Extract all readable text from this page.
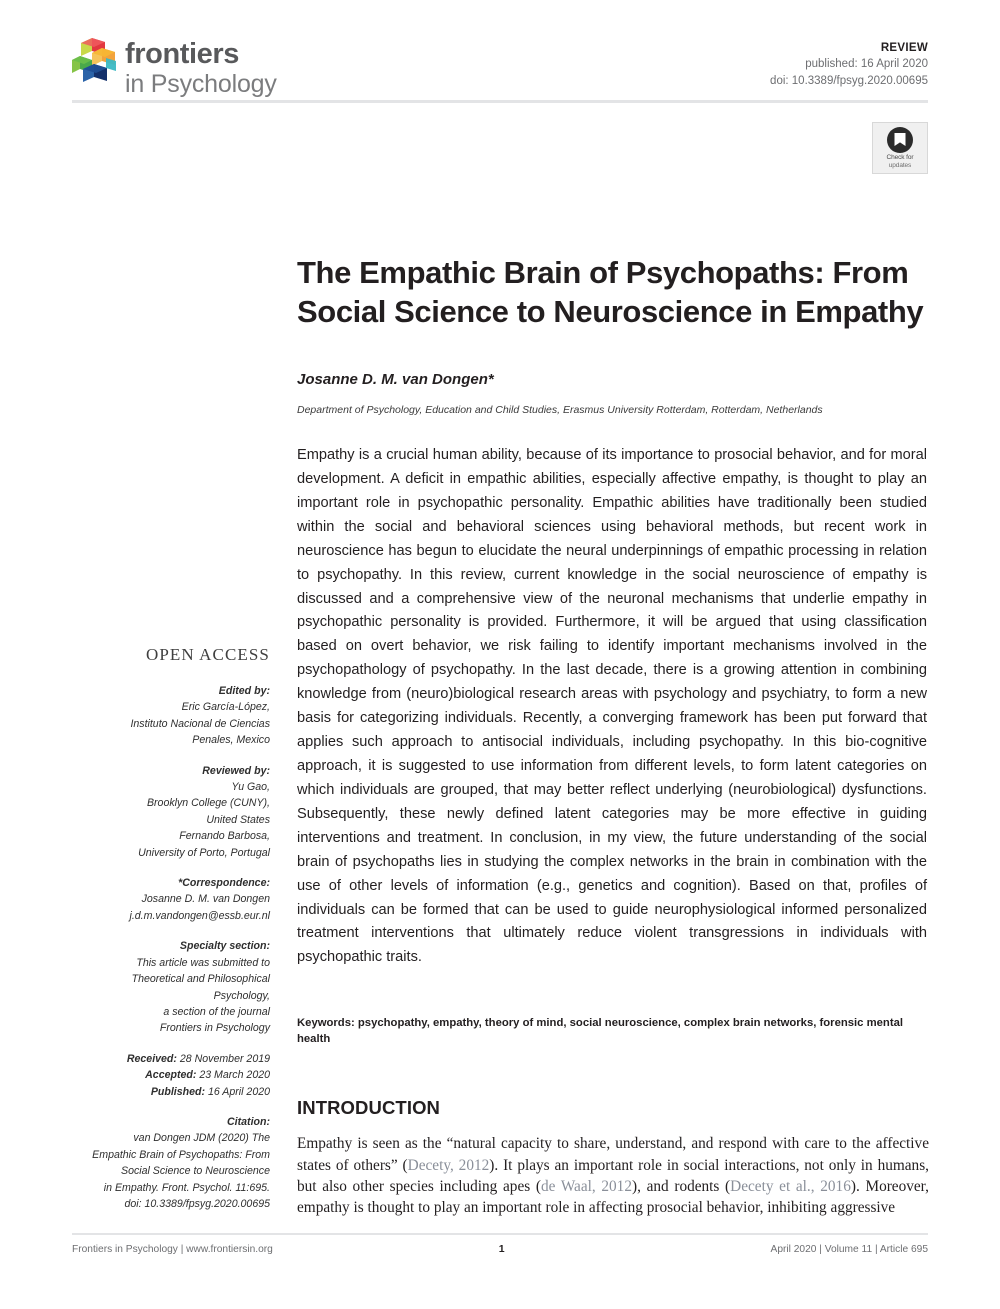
frontiers
in Psychology
REVIEW
published: 16 April 2020
doi: 10.3389/fpsyg.2020.00695
Check for
updates
The Empathic Brain of Psychopaths: From Social Science to Neuroscience in Empathy
Josanne D. M. van Dongen*
Department of Psychology, Education and Child Studies, Erasmus University Rotterdam, Rotterdam, Netherlands
Empathy is a crucial human ability, because of its importance to prosocial behavior, and for moral development. A deficit in empathic abilities, especially affective empathy, is thought to play an important role in psychopathic personality. Empathic abilities have traditionally been studied within the social and behavioral sciences using behavioral methods, but recent work in neuroscience has begun to elucidate the neural underpinnings of empathic processing in relation to psychopathy. In this review, current knowledge in the social neuroscience of empathy is discussed and a comprehensive view of the neuronal mechanisms that underlie empathy in psychopathic personality is provided. Furthermore, it will be argued that using classification based on overt behavior, we risk failing to identify important mechanisms involved in the psychopathology of psychopathy. In the last decade, there is a growing attention in combining knowledge from (neuro)biological research areas with psychology and psychiatry, to form a new basis for categorizing individuals. Recently, a converging framework has been put forward that applies such approach to antisocial individuals, including psychopathy. In this bio-cognitive approach, it is suggested to use information from different levels, to form latent categories on which individuals are grouped, that may better reflect underlying (neurobiological) dysfunctions. Subsequently, these newly defined latent categories may be more effective in guiding interventions and treatment. In conclusion, in my view, the future understanding of the social brain of psychopaths lies in studying the complex networks in the brain in combination with the use of other levels of information (e.g., genetics and cognition). Based on that, profiles of individuals can be formed that can be used to guide neurophysiological informed personalized treatment interventions that ultimately reduce violent transgressions in individuals with psychopathic traits.
Keywords: psychopathy, empathy, theory of mind, social neuroscience, complex brain networks, forensic mental health
INTRODUCTION

Empathy is seen as the “natural capacity to share, understand, and respond with care to the affective states of others” (Decety, 2012). It plays an important role in social interactions, not only in humans, but also other species including apes (de Waal, 2012), and rodents (Decety et al., 2016). Moreover, empathy is thought to play an important role in affecting prosocial behavior, inhibiting aggressive

OPEN ACCESS
Edited by:
Eric García-López,
Instituto Nacional de Ciencias
Penales, Mexico
Reviewed by:
Yu Gao,
Brooklyn College (CUNY),
United States
Fernando Barbosa,
University of Porto, Portugal
*Correspondence:
Josanne D. M. van Dongen
j.d.m.vandongen@essb.eur.nl
Specialty section:
This article was submitted to
Theoretical and Philosophical
Psychology,
a section of the journal
Frontiers in Psychology
Received: 28 November 2019
Accepted: 23 March 2020
Published: 16 April 2020
Citation:
van Dongen JDM (2020) The
Empathic Brain of Psychopaths: From
Social Science to Neuroscience
in Empathy. Front. Psychol. 11:695.
doi: 10.3389/fpsyg.2020.00695
Frontiers in Psychology | www.frontiersin.org	1	April 2020 | Volume 11 | Article 695
